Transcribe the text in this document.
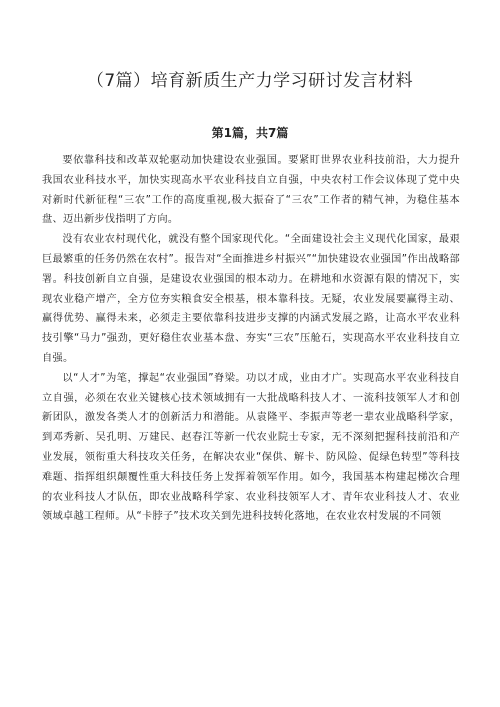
（7篇）培育新质生产力学习研讨发言材料
第1篇，共7篇

要依靠科技和改革双轮驱动加快建设农业强国。要紧盯世界农业科技前沿，大力提升我国农业科技水平，加快实现高水平农业科技自立自强，中央农村工作会议体现了党中央对新时代新征程“三农”工作的高度重视,极大振奋了“三农”工作者的精气神，为稳住基本盘、迈出新步伐指明了方向。

没有农业农村现代化，就没有整个国家现代化。“全面建设社会主义现代化国家，最艰巨最繁重的任务仍然在农村”。报告对“全面推进乡村振兴”“加快建设农业强国”作出战略部署。科技创新自立自强，是建设农业强国的根本动力。在耕地和水资源有限的情况下，实现农业稳产增产，全方位夯实粮食安全根基，根本靠科技。无疑，农业发展要赢得主动、赢得优势、赢得未来，必须走主要依靠科技进步支撑的内涵式发展之路，让高水平农业科技引擎“马力”强劲，更好稳住农业基本盘、夯实“三农”压舱石，实现高水平农业科技自立自强。

以“人才”为笔，撑起“农业强国”脊梁。功以才成，业由才广。实现高水平农业科技自立自强，必须在农业关键核心技术领域拥有一大批战略科技人才、一流科技领军人才和创新团队，激发各类人才的创新活力和潜能。从袁隆平、李振声等老一辈农业战略科学家，到邓秀新、吴孔明、万建民、赵春江等新一代农业院士专家，无不深刻把握科技前沿和产业发展，领衔重大科技攻关任务，在解决农业“保供、解卡、防风险、促绿色转型”等科技难题、指挥组织颠覆性重大科技任务上发挥着领军作用。如今，我国基本构建起梯次合理的农业科技人才队伍，即农业战略科学家、农业科技领军人才、青年农业科技人才、农业领域卓越工程师。从“卡脖子”技术攻关到先进科技转化落地，在农业农村发展的不同领
